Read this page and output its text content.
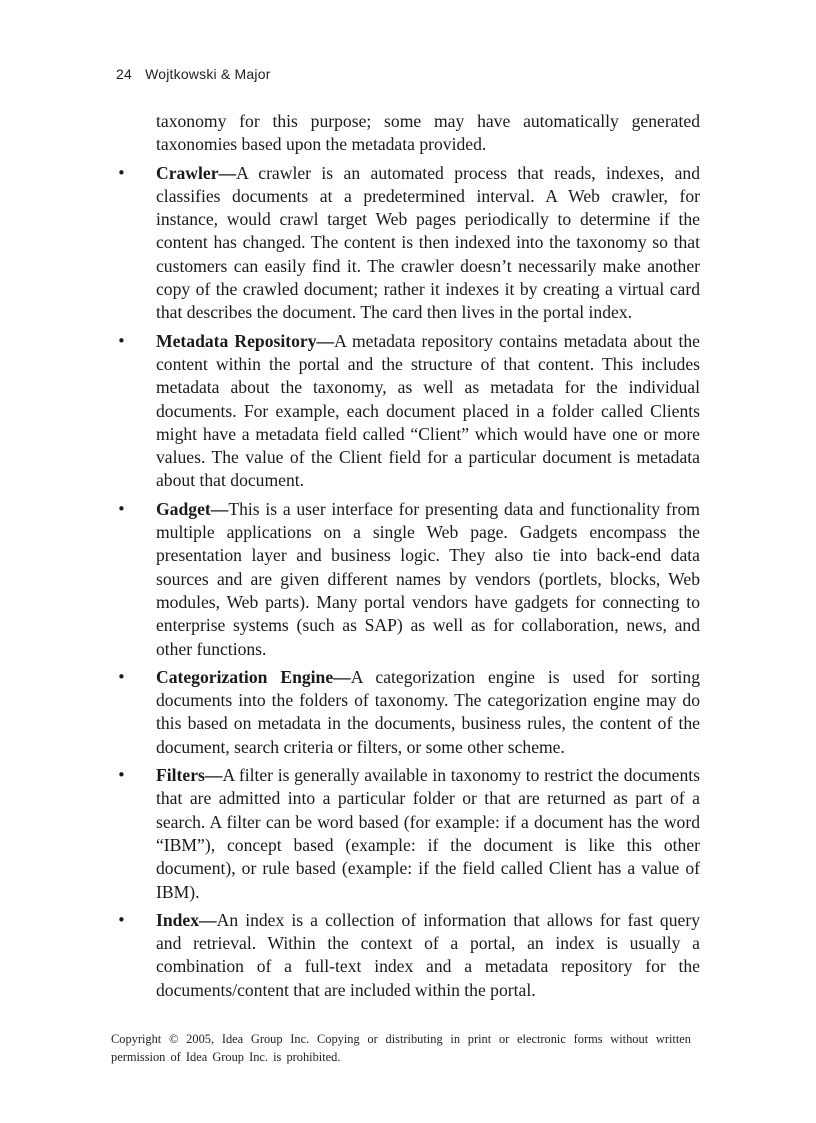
24 Wojtkowski & Major

taxonomy for this purpose; some may have automatically generated taxonomies based upon the metadata provided.

• Crawler—A crawler is an automated process that reads, indexes, and classifies documents at a predetermined interval. A Web crawler, for instance, would crawl target Web pages periodically to determine if the content has changed. The content is then indexed into the taxonomy so that customers can easily find it. The crawler doesn’t necessarily make another copy of the crawled document; rather it indexes it by creating a virtual card that describes the document. The card then lives in the portal index.
• Metadata Repository—A metadata repository contains metadata about the content within the portal and the structure of that content. This includes metadata about the taxonomy, as well as metadata for the individual documents. For example, each document placed in a folder called Clients might have a metadata field called “Client” which would have one or more values. The value of the Client field for a particular document is metadata about that document.
• Gadget—This is a user interface for presenting data and functionality from multiple applications on a single Web page. Gadgets encompass the presentation layer and business logic. They also tie into back-end data sources and are given different names by vendors (portlets, blocks, Web modules, Web parts). Many portal vendors have gadgets for connecting to enterprise systems (such as SAP) as well as for collaboration, news, and other functions.
• Categorization Engine—A categorization engine is used for sorting documents into the folders of taxonomy. The categorization engine may do this based on metadata in the documents, business rules, the content of the document, search criteria or filters, or some other scheme.
• Filters—A filter is generally available in taxonomy to restrict the documents that are admitted into a particular folder or that are returned as part of a search. A filter can be word based (for example: if a document has the word “IBM”), concept based (example: if the document is like this other document), or rule based (example: if the field called Client has a value of IBM).
• Index—An index is a collection of information that allows for fast query and retrieval. Within the context of a portal, an index is usually a combination of a full-text index and a metadata repository for the documents/content that are included within the portal.
Copyright © 2005, Idea Group Inc. Copying or distributing in print or electronic forms without written permission of Idea Group Inc. is prohibited.
